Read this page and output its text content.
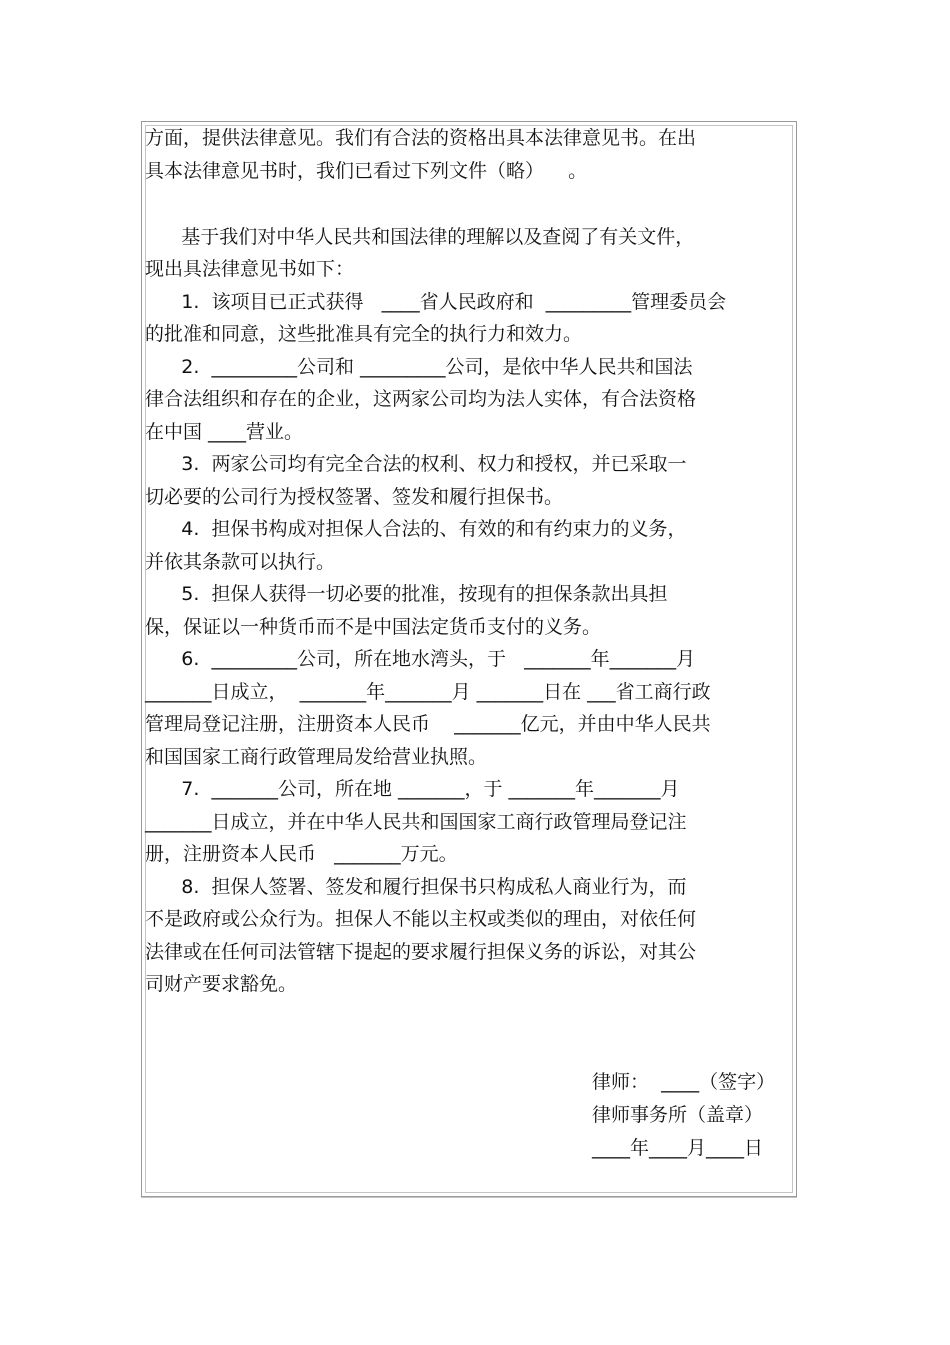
方面，提供法律意见。我们有合法的资格出具本法律意见书。在出
具本法律意见书时，我们已看过下列文件（略）    。
基于我们对中华人民共和国法律的理解以及查阅了有关文件，
现出具法律意见书如下：
1.  该项目已正式获得   ____省人民政府和  _________管理委员会
的批准和同意，这些批准具有完全的执行力和效力。
2.  _________公司和 _________公司，是依中华人民共和国法
律合法组织和存在的企业，这两家公司均为法人实体，有合法资格
在中国 ____营业。
3.  两家公司均有完全合法的权利、权力和授权，并已采取一
切必要的公司行为授权签署、签发和履行担保书。
4.  担保书构成对担保人合法的、有效的和有约束力的义务，
并依其条款可以执行。
5.  担保人获得一切必要的批准，按现有的担保条款出具担
保，保证以一种货币而不是中国法定货币支付的义务。
6.  _________公司，所在地水湾头，于   _______年_______月
_______日成立，  _______年_______月 _______日在 ___省工商行政
管理局登记注册，注册资本人民币    _______亿元，并由中华人民共
和国国家工商行政管理局发给营业执照。
7.  _______公司，所在地 _______，于 _______年_______月
_______日成立，并在中华人民共和国国家工商行政管理局登记注
册，注册资本人民币   _______万元。
8.  担保人签署、签发和履行担保书只构成私人商业行为，而
不是政府或公众行为。担保人不能以主权或类似的理由，对依任何
法律或在任何司法管辖下提起的要求履行担保义务的诉讼，对其公
司财产要求豁免。
律师：  ____（签字）
律师事务所（盖章）
____年____月____日
